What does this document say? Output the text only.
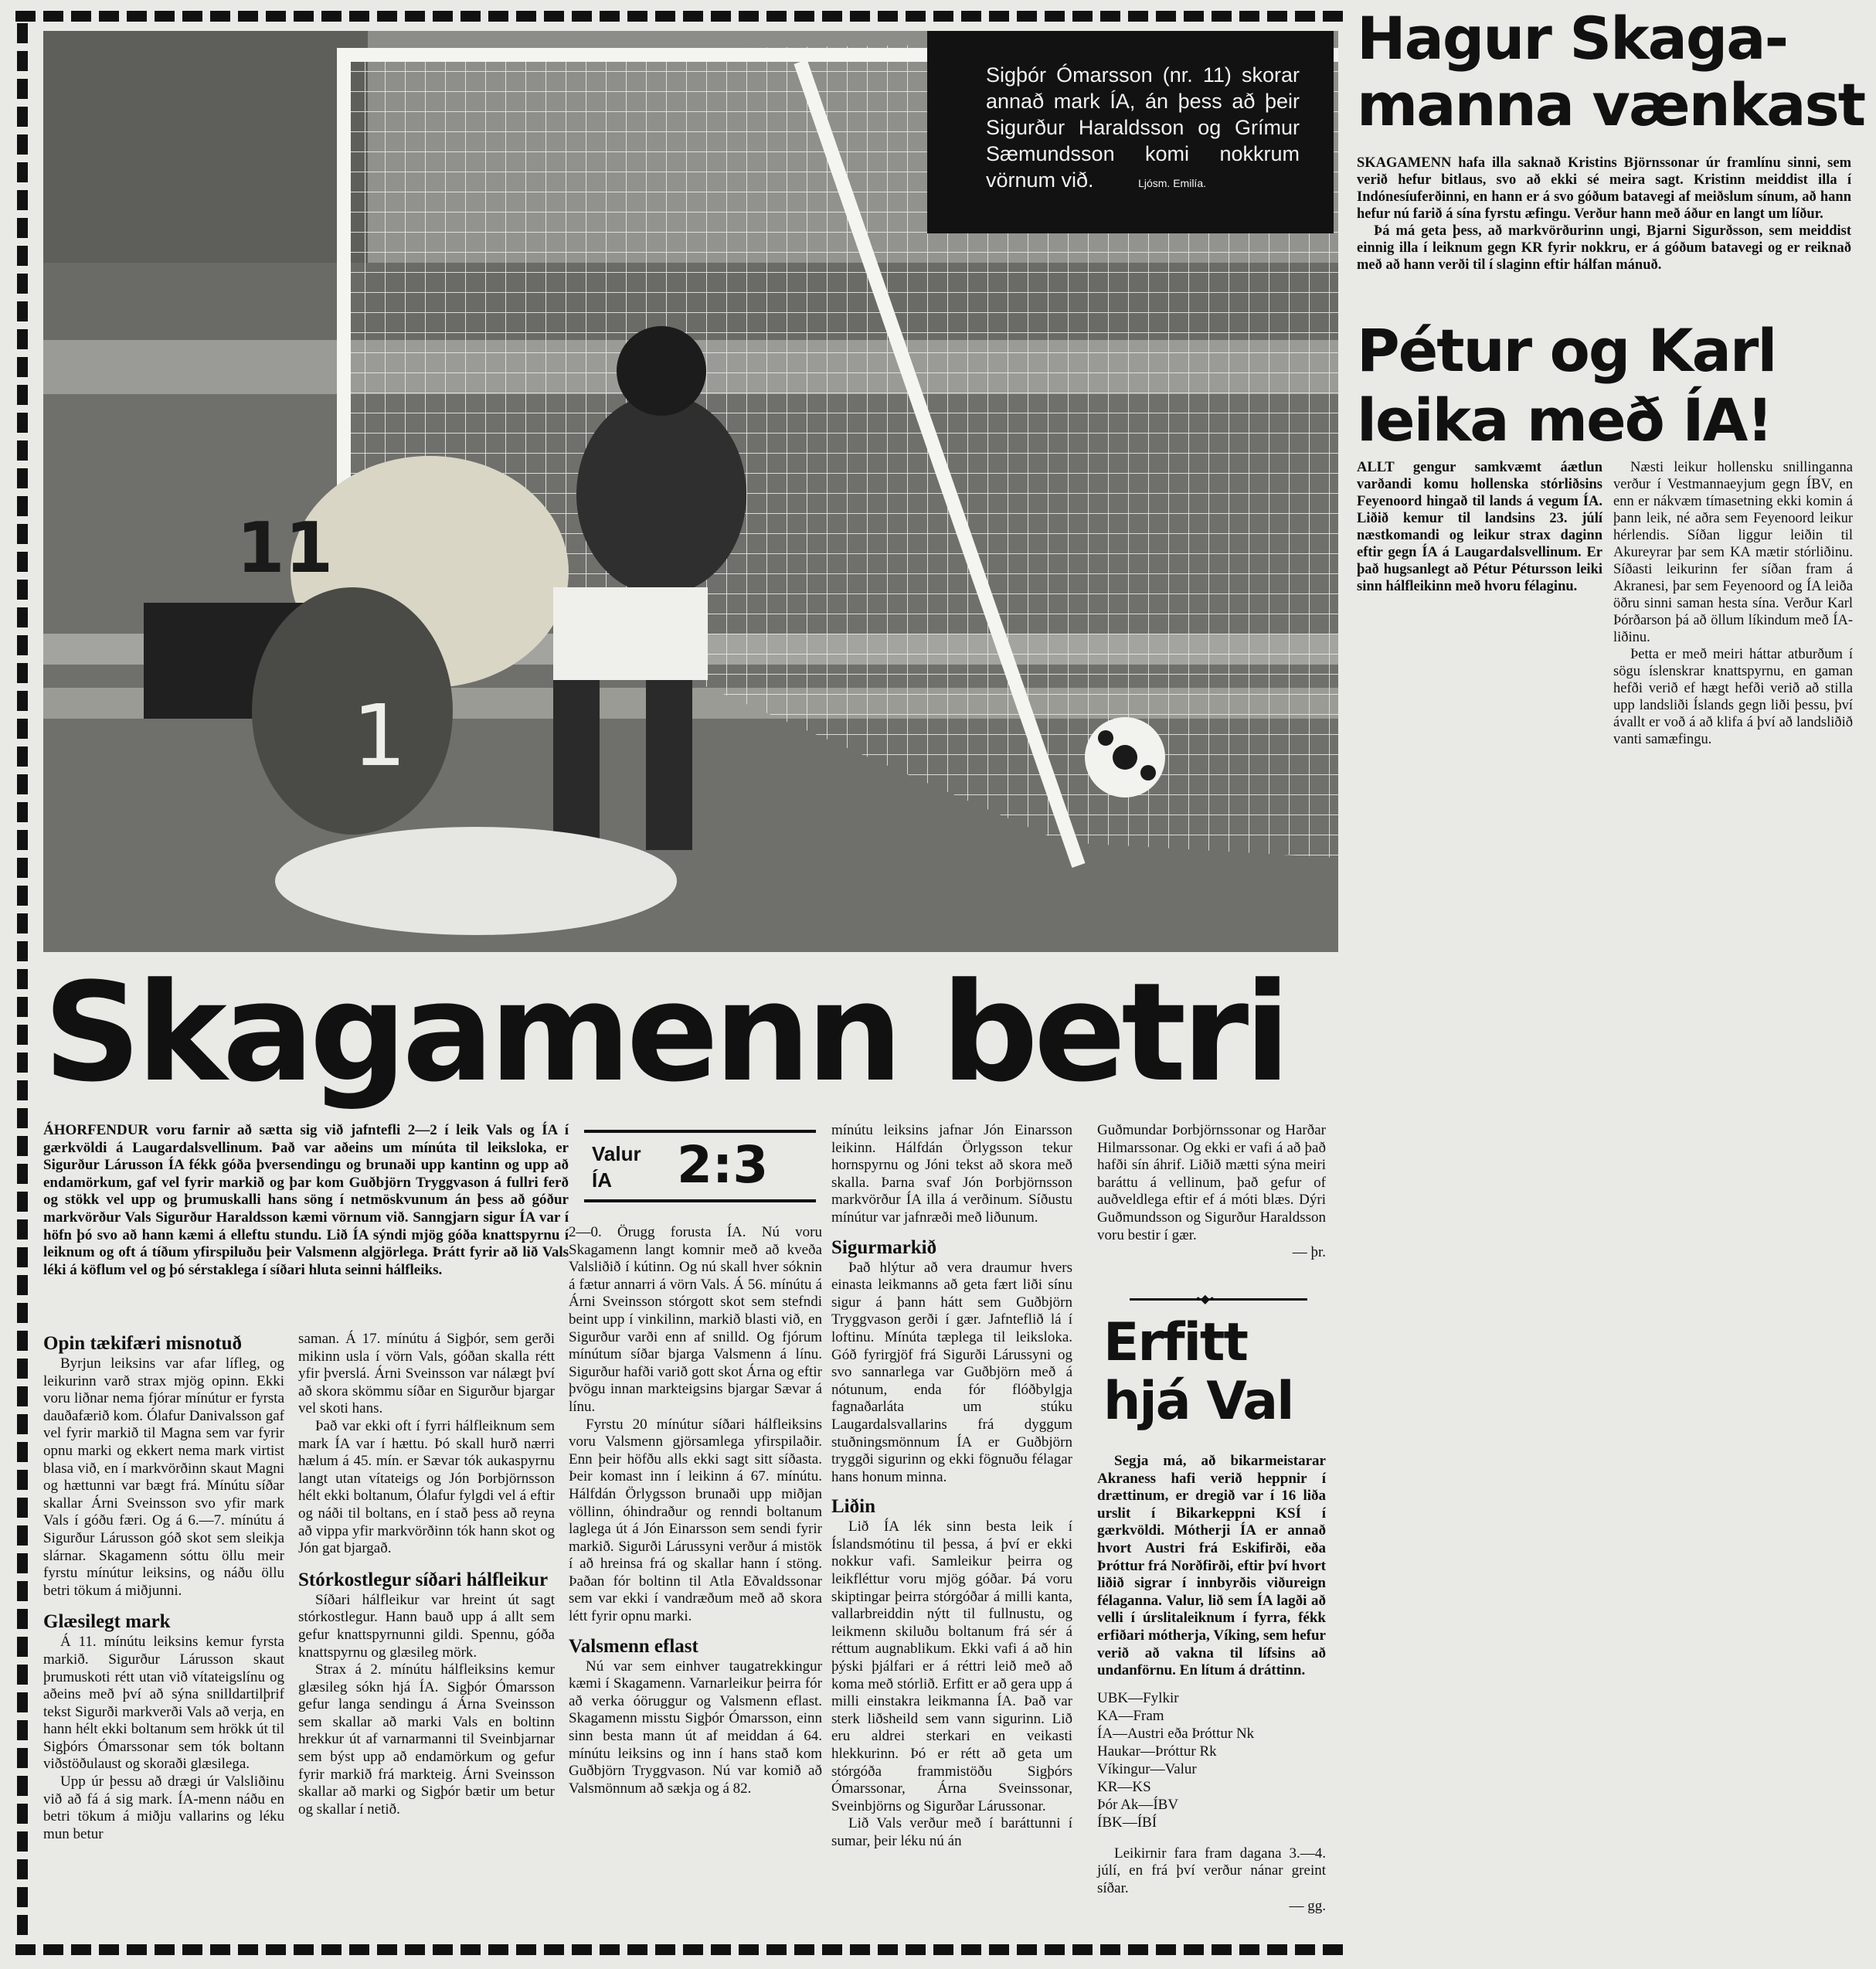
11
1
Sigþór Ómarsson (nr. 11) skorar annað mark ÍA, án þess að þeir Sigurður Haraldsson og Grímur Sæmundsson komi nokkrum vörnum við.	Ljósm. Emilía.
Skagamenn betri

ÁHORFENDUR voru farnir að sætta sig við jafntefli 2—2 í leik Vals og ÍA í gærkvöldi á Laugardalsvellinum. Það var aðeins um mínúta til leiksloka, er Sigurður Lárusson ÍA fékk góða þversendingu og brunaði upp kantinn og upp að endamörkum, gaf vel fyrir markið og þar kom Guðbjörn Tryggvason á fullri ferð og stökk vel upp og þrumuskalli hans söng í netmöskvunum án þess að góður markvörður Vals Sigurður Haraldsson kæmi vörnum við. Sanngjarn sigur ÍA var í höfn þó svo að hann kæmi á elleftu stundu. Lið ÍA sýndi mjög góða knattspyrnu í leiknum og oft á tíðum yfirspiluðu þeir Valsmenn algjörlega. Þrátt fyrir að lið Vals léki á köflum vel og þó sérstaklega í síðari hluta seinni hálfleiks.

Valur
ÍA 2:3
Opin tækifæri misnotuð

Byrjun leiksins var afar lífleg, og leikurinn varð strax mjög opinn. Ekki voru liðnar nema fjórar mínútur er fyrsta dauðafærið kom. Ólafur Danivalsson gaf vel fyrir markið til Magna sem var fyrir opnu marki og ekkert nema mark virtist blasa við, en í markvörðinn skaut Magni og hættunni var bægt frá. Mínútu síðar skallar Árni Sveinsson svo yfir mark Vals í góðu færi. Og á 6.—7. mínútu á Sigurður Lárusson góð skot sem sleikja slárnar. Skagamenn sóttu öllu meir fyrstu mínútur leiksins, og náðu öllu betri tökum á miðjunni.

Glæsilegt mark

Á 11. mínútu leiksins kemur fyrsta markið. Sigurður Lárusson skaut þrumuskoti rétt utan við vítateigslínu og aðeins með því að sýna snilldartilþrif tekst Sigurði markverði Vals að verja, en hann hélt ekki boltanum sem hrökk út til Sigþórs Ómarssonar sem tók boltann viðstöðulaust og skoraði glæsilega.

Upp úr þessu að drægi úr Valsliðinu við að fá á sig mark. ÍA-menn náðu en betri tökum á miðju vallarins og léku mun betur

saman. Á 17. mínútu á Sigþór, sem gerði mikinn usla í vörn Vals, góðan skalla rétt yfir þverslá. Árni Sveinsson var nálægt því að skora skömmu síðar en Sigurður bjargar vel skoti hans.

Það var ekki oft í fyrri hálfleiknum sem mark ÍA var í hættu. Þó skall hurð nærri hælum á 45. mín. er Sævar tók aukaspyrnu langt utan vítateigs og Jón Þorbjörnsson hélt ekki boltanum, Ólafur fylgdi vel á eftir og náði til boltans, en í stað þess að reyna að vippa yfir markvörðinn tók hann skot og Jón gat bjargað.

Stórkostlegur síðari hálfleikur

Síðari hálfleikur var hreint út sagt stórkostlegur. Hann bauð upp á allt sem gefur knattspyrnunni gildi. Spennu, góða knattspyrnu og glæsileg mörk.

Strax á 2. mínútu hálfleiksins kemur glæsileg sókn hjá ÍA. Sigþór Ómarsson gefur langa sendingu á Árna Sveinsson sem skallar að marki Vals en boltinn hrekkur út af varnarmanni til Sveinbjarnar sem býst upp að endamörkum og gefur fyrir markið frá markteig. Árni Sveinsson skallar að marki og Sigþór bætir um betur og skallar í netið.

2—0. Örugg forusta ÍA. Nú voru Skagamenn langt komnir með að kveða Valsliðið í kútinn. Og nú skall hver sóknin á fætur annarri á vörn Vals. Á 56. mínútu á Árni Sveinsson stórgott skot sem stefndi beint upp í vinkilinn, markið blasti við, en Sigurður varði enn af snilld. Og fjórum mínútum síðar bjarga Valsmenn á línu. Sigurður hafði varið gott skot Árna og eftir þvögu innan markteigsins bjargar Sævar á línu.

Fyrstu 20 mínútur síðari hálfleiksins voru Valsmenn gjörsamlega yfirspilaðir. Enn þeir höfðu alls ekki sagt sitt síðasta. Þeir komast inn í leikinn á 67. mínútu. Hálfdán Örlygsson brunaði upp miðjan völlinn, óhindraður og renndi boltanum laglega út á Jón Einarsson sem sendi fyrir markið. Sigurði Lárussyni verður á mistök í að hreinsa frá og skallar hann í stöng. Þaðan fór boltinn til Atla Eðvaldssonar sem var ekki í vandræðum með að skora létt fyrir opnu marki.

Valsmenn eflast

Nú var sem einhver taugatrekkingur kæmi í Skagamenn. Varnarleikur þeirra fór að verka óöruggur og Valsmenn eflast. Skagamenn misstu Sigþór Ómarsson, einn sinn besta mann út af meiddan á 64. mínútu leiksins og inn í hans stað kom Guðbjörn Tryggvason. Nú var komið að Valsmönnum að sækja og á 82.

mínútu leiksins jafnar Jón Einarsson leikinn. Hálfdán Örlygsson tekur hornspyrnu og Jóni tekst að skora með skalla. Þarna svaf Jón Þorbjörnsson markvörður ÍA illa á verðinum. Síðustu mínútur var jafnræði með liðunum.

Sigurmarkið

Það hlýtur að vera draumur hvers einasta leikmanns að geta fært liði sínu sigur á þann hátt sem Guðbjörn Tryggvason gerði í gær. Jafnteflið lá í loftinu. Mínúta tæplega til leiksloka. Góð fyrirgjöf frá Sigurði Lárussyni og svo sannarlega var Guðbjörn með á nótunum, enda fór flóðbylgja fagnaðarláta um stúku Laugardalsvallarins frá dyggum stuðningsmönnum ÍA er Guðbjörn tryggði sigurinn og ekki fögnuðu félagar hans honum minna.

Liðin

Lið ÍA lék sinn besta leik í Íslandsmótinu til þessa, á því er ekki nokkur vafi. Samleikur þeirra og leikfléttur voru mjög góðar. Þá voru skiptingar þeirra stórgóðar á milli kanta, vallarbreiddin nýtt til fullnustu, og leikmenn skiluðu boltanum frá sér á réttum augnablikum. Ekki vafi á að hin þýski þjálfari er á réttri leið með að koma með stórlið. Erfitt er að gera upp á milli einstakra leikmanna ÍA. Það var sterk liðsheild sem vann sigurinn. Lið eru aldrei sterkari en veikasti hlekkurinn. Þó er rétt að geta um stórgóða frammistöðu Sigþórs Ómarssonar, Árna Sveinssonar, Sveinbjörns og Sigurðar Lárussonar.

Lið Vals verður með í baráttunni í sumar, þeir léku nú án

Guðmundar Þorbjörnssonar og Harðar Hilmarssonar. Og ekki er vafi á að það hafði sín áhrif. Liðið mætti sýna meiri baráttu á vellinum, það gefur of auðveldlega eftir ef á móti blæs. Dýri Guðmundsson og Sigurður Haraldsson voru bestir í gær.

— þr.
•◆•
Erfitt
hjá Val

Segja má, að bikarmeistarar Akraness hafi verið heppnir í drættinum, er dregið var í 16 liða urslit í Bikarkeppni KSÍ í gærkvöldi. Mótherji ÍA er annað hvort Austri frá Eskifirði, eða Þróttur frá Norðfirði, eftir því hvort liðið sigrar í innbyrðis viðureign félaganna. Valur, lið sem ÍA lagði að velli í úrslitaleiknum í fyrra, fékk erfiðari mótherja, Víking, sem hefur verið að vakna til lífsins að undanförnu. En lítum á dráttinn.

UBK—Fylkir
KA—Fram
ÍA—Austri eða Þróttur Nk
Haukar—Þróttur Rk
Víkingur—Valur
KR—KS
Þór Ak—ÍBV
ÍBK—ÍBÍ

Leikirnir fara fram dagana 3.—4. júlí, en frá því verður nánar greint síðar.

— gg.
Hagur Skaga-
manna vænkast

SKAGAMENN hafa illa saknað Kristins Björnssonar úr framlínu sinni, sem verið hefur bitlaus, svo að ekki sé meira sagt. Kristinn meiddist illa í Indónesíuferðinni, en hann er á svo góðum batavegi af meiðslum sínum, að hann hefur nú farið á sína fyrstu æfingu. Verður hann með áður en langt um líður.

Þá má geta þess, að markvörðurinn ungi, Bjarni Sigurðsson, sem meiddist einnig illa í leiknum gegn KR fyrir nokkru, er á góðum batavegi og er reiknað með að hann verði til í slaginn eftir hálfan mánuð.

Pétur og Karl
leika með ÍA!

ALLT gengur samkvæmt áætlun varðandi komu hollenska stórliðsins Feyenoord hingað til lands á vegum ÍA. Liðið kemur til landsins 23. júlí næstkomandi og leikur strax daginn eftir gegn ÍA á Laugardalsvellinum. Er það hugsanlegt að Pétur Pétursson leiki sinn hálfleikinn með hvoru félaginu.

Næsti leikur hollensku snillinganna verður í Vestmannaeyjum gegn ÍBV, en enn er nákvæm tímasetning ekki komin á þann leik, né aðra sem Feyenoord leikur hérlendis. Síðan liggur leiðin til Akureyrar þar sem KA mætir stórliðinu. Síðasti leikurinn fer síðan fram á Akranesi, þar sem Feyenoord og ÍA leiða öðru sinni saman hesta sína. Verður Karl Þórðarson þá að öllum líkindum með ÍA-liðinu.

Þetta er með meiri háttar atburðum í sögu íslenskrar knattspyrnu, en gaman hefði verið ef hægt hefði verið að stilla upp landsliði Íslands gegn liði þessu, því ávallt er voð á að klifa á því að landsliðið vanti samæfingu.
